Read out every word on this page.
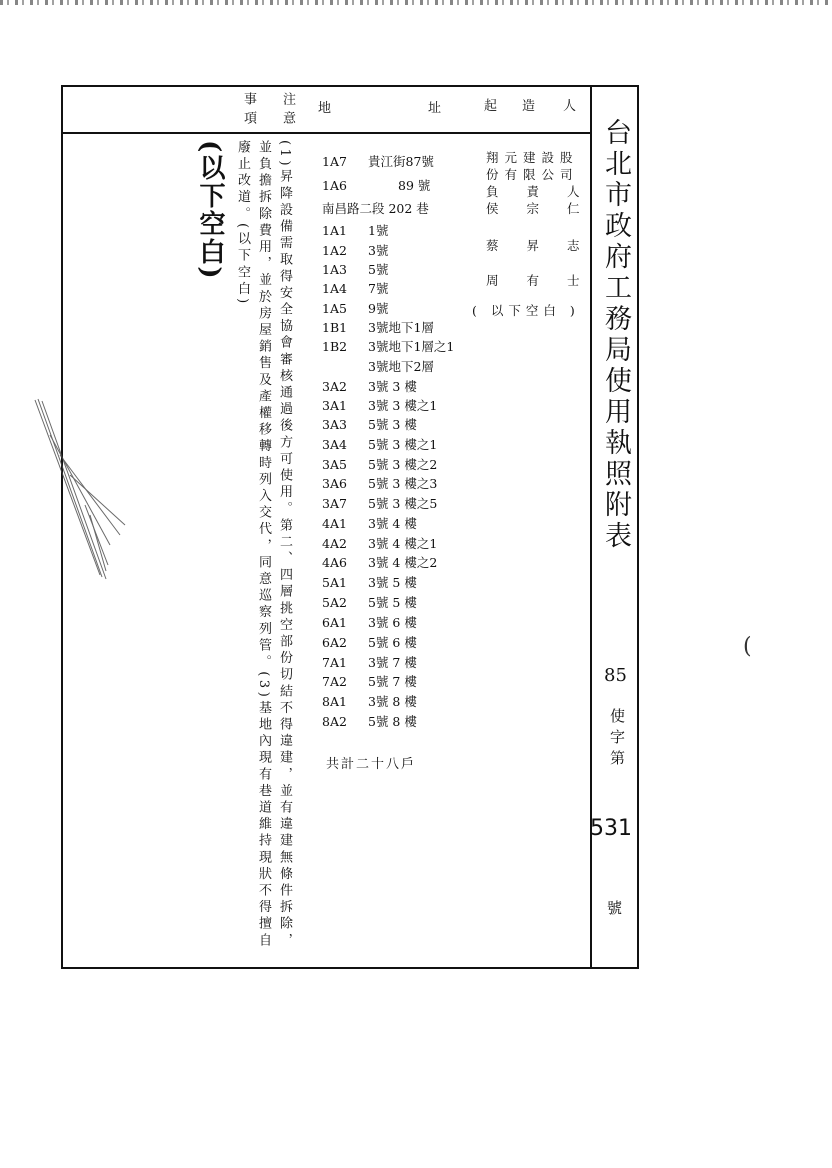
台北市政府工務局使用執照附表
事項 注意 地	址	起 造 人
(以下空白)	(1)昇降設備需取得安全協會審核通過後方可使用。第二、四層挑空部份切結不得違建，並有違建無條件拆除，並負擔拆除費用，並於房屋銷售及產權移轉時列入交代，同意巡察列管。(3)基地內現有巷道維持現狀不得擅自廢止改道。(以下空白)	1A7 貴江街87號
1A6	89 號
南昌路二段 202 巷
1A1 1號
1A2 3號
1A3 5號
1A4 7號
1A5 9號
1B1 3號地下1層
1B2 3號地下1層之1
3號地下2層
3A2 3號 3 樓
3A1 3號 3 樓之1
3A3 5號 3 樓
3A4 5號 3 樓之1
3A5 5號 3 樓之2
3A6 5號 3 樓之3
3A7 5號 3 樓之5
4A1 3號 4 樓
4A2 3號 4 樓之1
4A6 3號 4 樓之2
5A1 3號 5 樓
5A2 5號 5 樓
6A1 3號 6 樓
6A2 5號 6 樓
7A1 3號 7 樓
7A2 5號 7 樓
8A1 3號 8 樓
8A2 5號 8 樓
共計二十八戶
翔元建設股
份有限公司
負責人
侯宗仁
蔡昇志
周有士
( 以下空白 )
85
使字第
531
號
(
